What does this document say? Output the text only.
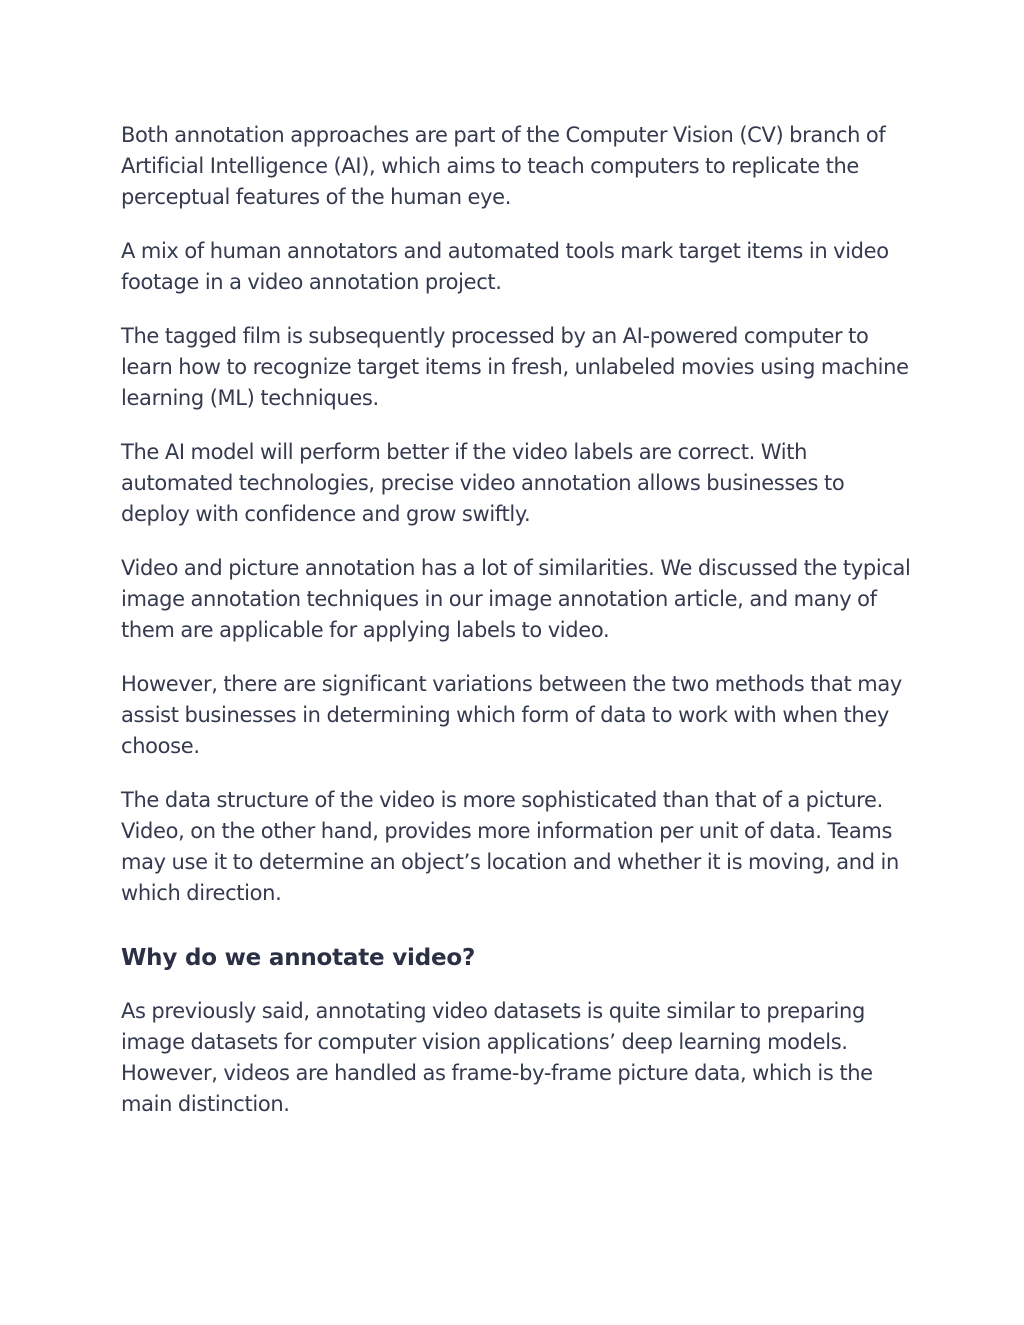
Both annotation approaches are part of the Computer Vision (CV) branch of Artificial Intelligence (AI), which aims to teach computers to replicate the perceptual features of the human eye.

A mix of human annotators and automated tools mark target items in video footage in a video annotation project.

The tagged film is subsequently processed by an AI-powered computer to learn how to recognize target items in fresh, unlabeled movies using machine learning (ML) techniques.

The AI model will perform better if the video labels are correct. With automated technologies, precise video annotation allows businesses to deploy with confidence and grow swiftly.

Video and picture annotation has a lot of similarities. We discussed the typical image annotation techniques in our image annotation article, and many of them are applicable for applying labels to video.

However, there are significant variations between the two methods that may assist businesses in determining which form of data to work with when they choose.

The data structure of the video is more sophisticated than that of a picture. Video, on the other hand, provides more information per unit of data. Teams may use it to determine an object’s location and whether it is moving, and in which direction.

Why do we annotate video?

As previously said, annotating video datasets is quite similar to preparing image datasets for computer vision applications’ deep learning models. However, videos are handled as frame-by-frame picture data, which is the main distinction.
